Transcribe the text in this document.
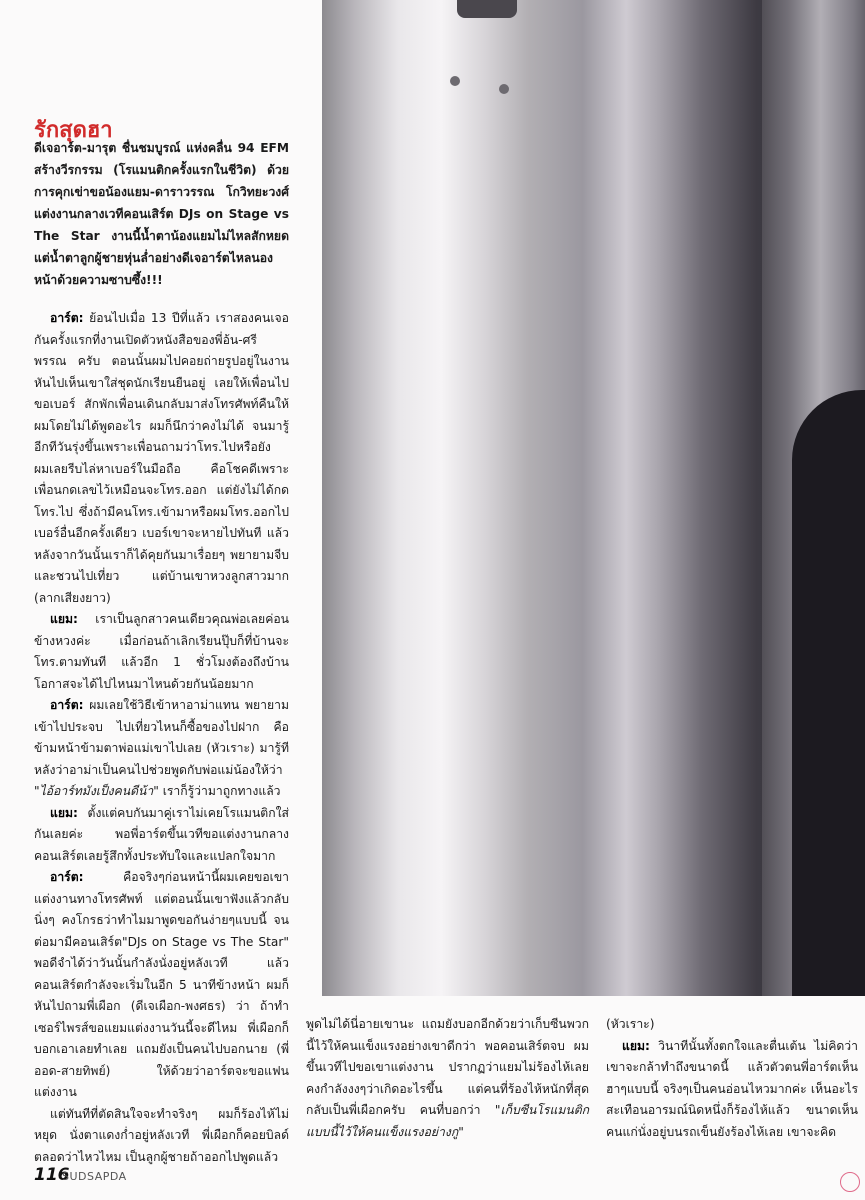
รักสุดฮา
ดีเจอาร์ต-มารุต ชื่นชมบูรณ์ แห่งคลื่น 94 EFM สร้างวีรกรรม (โรแมนติกครั้งแรกในชีวิต) ด้วยการคุกเข่าขอน้องแยม-ดาราวรรณ โกวิทยะวงศ์ แต่งงานกลางเวทีคอนเสิร์ต DJs on Stage vs The Star งานนี้น้ำตาน้องแยมไม่ไหลสักหยด แต่น้ำตาลูกผู้ชายหุ่นล่ำอย่างดีเจอาร์ตไหลนองหน้าด้วยความซาบซึ้ง!!!

อาร์ต: ย้อนไปเมื่อ 13 ปีที่แล้ว เราสองคนเจอกันครั้งแรกที่งานเปิดตัวหนังสือของพี่อ้น-ศรีพรรณ ครับ ตอนนั้นผมไปคอยถ่ายรูปอยู่ในงาน หันไปเห็นเขาใส่ชุดนักเรียนยืนอยู่ เลยให้เพื่อนไปขอเบอร์ สักพักเพื่อนเดินกลับมาส่งโทรศัพท์คืนให้ผมโดยไม่ได้พูดอะไร ผมก็นึกว่าคงไม่ได้ จนมารู้อีกทีวันรุ่งขึ้นเพราะเพื่อนถามว่าโทร.ไปหรือยัง ผมเลยรีบไล่หาเบอร์ในมือถือ คือโชคดีเพราะเพื่อนกดเลขไว้เหมือนจะโทร.ออก แต่ยังไม่ได้กดโทร.ไป ซึ่งถ้ามีคนโทร.เข้ามาหรือผมโทร.ออกไปเบอร์อื่นอีกครั้งเดียว เบอร์เขาจะหายไปทันที แล้วหลังจากวันนั้นเราก็ได้คุยกันมาเรื่อยๆ พยายามจีบและชวนไปเที่ยว แต่บ้านเขาหวงลูกสาวมาก (ลากเสียงยาว)

แยม: เราเป็นลูกสาวคนเดียวคุณพ่อเลยค่อนข้างหวงค่ะ เมื่อก่อนถ้าเลิกเรียนปุ๊บก็ที่บ้านจะโทร.ตามทันที แล้วอีก 1 ชั่วโมงต้องถึงบ้าน โอกาสจะได้ไปไหนมาไหนด้วยกันน้อยมาก

อาร์ต: ผมเลยใช้วิธีเข้าหาอาม่าแทน พยายามเข้าไปประจบ ไปเที่ยวไหนก็ซื้อของไปฝาก คือข้ามหน้าข้ามตาพ่อแม่เขาไปเลย (หัวเราะ) มารู้ทีหลังว่าอาม่าเป็นคนไปช่วยพูดกับพ่อแม่น้องให้ว่า "ไอ้อาร์ทมังเป็งคนดีน้า" เราก็รู้ว่ามาถูกทางแล้ว

แยม: ตั้งแต่คบกันมาคู่เราไม่เคยโรแมนติกใส่กันเลยค่ะ พอพี่อาร์ตขึ้นเวทีขอแต่งงานกลางคอนเสิร์ตเลยรู้สึกทั้งประทับใจและแปลกใจมาก

อาร์ต: คือจริงๆก่อนหน้านี้ผมเคยขอเขาแต่งงานทางโทรศัพท์ แต่ตอนนั้นเขาฟังแล้วกลับนิ่งๆ คงโกรธว่าทำไมมาพูดขอกันง่ายๆแบบนี้ จนต่อมามีคอนเสิร์ต"DJs on Stage vs The Star" พอดีจำได้ว่าวันนั้นกำลังนั่งอยู่หลังเวที แล้วคอนเสิร์ตกำลังจะเริ่มในอีก 5 นาทีข้างหน้า ผมก็หันไปถามพี่เผือก (ดีเจเผือก-พงศธร) ว่า ถ้าทำเซอร์ไพรส์ขอแยมแต่งงานวันนี้จะดีไหม พี่เผือกก็บอกเอาเลยทำเลย แถมยังเป็นคนไปบอกนาย (พี่ออด-สายทิพย์) ให้ด้วยว่าอาร์ตจะขอแฟนแต่งงาน

แต่ทันทีที่ตัดสินใจจะทำจริงๆ ผมก็ร้องไห้ไม่หยุด นั่งตาแดงก่ำอยู่หลังเวที พี่เผือกก็คอยบิลด์ตลอดว่าไหวไหม เป็นลูกผู้ชายถ้าออกไปพูดแล้ว

พูดไม่ได้นี่อายเขานะ แถมยังบอกอีกด้วยว่าเก็บซีนพวกนี้ไว้ให้คนแข็งแรงอย่างเขาดีกว่า พอคอนเสิร์ตจบ ผมขึ้นเวทีไปขอเขาแต่งงาน ปรากฏว่าแยมไม่ร้องไห้เลย คงกำลังงงๆว่าเกิดอะไรขึ้น แต่คนที่ร้องไห้หนักที่สุดกลับเป็นพี่เผือกครับ คนที่บอกว่า "เก็บซีนโรแมนติกแบบนี้ไว้ให้คนแข็งแรงอย่างกู"

(หัวเราะ)

แยม: วินาทีนั้นทั้งตกใจและตื่นเต้น ไม่คิดว่าเขาจะกล้าทำถึงขนาดนี้ แล้วตัวตนพี่อาร์ตเห็นฮาๆแบบนี้ จริงๆเป็นคนอ่อนไหวมากค่ะ เห็นอะไรสะเทือนอารมณ์นิดหนึ่งก็ร้องไห้แล้ว ขนาดเห็นคนแก่นั่งอยู่บนรถเข็นยังร้องไห้เลย เขาจะคิด

116
SUDSAPDA
